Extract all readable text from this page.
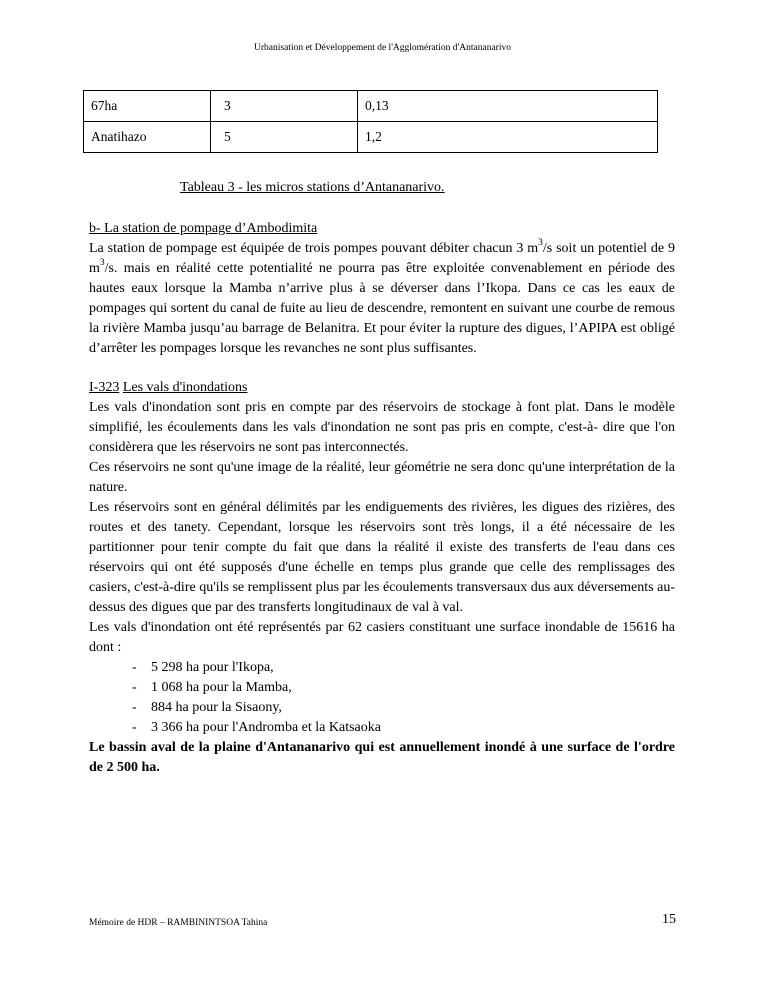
Urbanisation et Développement de l'Agglomération d'Antananarivo
67ha	3	0,13
Anatihazo	5	1,2
Tableau 3 - les micros stations d’Antananarivo.

b- La station de pompage d’Ambodimita

La station de pompage est équipée de trois pompes pouvant débiter chacun 3 $m^3/s$ soit un potentiel de 9 $m^3/s$. mais en réalité cette potentialité ne pourra pas être exploitée convenablement en période des hautes eaux lorsque la Mamba n’arrive plus à se déverser dans l’Ikopa. Dans ce cas les eaux de pompages qui sortent du canal de fuite au lieu de descendre, remontent en suivant une courbe de remous la rivière Mamba jusqu’au barrage de Belanitra. Et pour éviter la rupture des digues, l’APIPA est obligé d’arrêter les pompages lorsque les revanches ne sont plus suffisantes.

I-323 Les vals d'inondations

Les vals d'inondation sont pris en compte par des réservoirs de stockage à font plat. Dans le modèle simplifié, les écoulements dans les vals d'inondation ne sont pas pris en compte, c'est-à- dire que l'on considèrera que les réservoirs ne sont pas interconnectés.

Ces réservoirs ne sont qu'une image de la réalité, leur géométrie ne sera donc qu'une interprétation de la nature.

Les réservoirs sont en général délimités par les endiguements des rivières, les digues des rizières, des routes et des tanety. Cependant, lorsque les réservoirs sont très longs, il a été nécessaire de les partitionner pour tenir compte du fait que dans la réalité il existe des transferts de l'eau dans ces réservoirs qui ont été supposés d'une échelle en temps plus grande que celle des remplissages des casiers, c'est-à-dire qu'ils se remplissent plus par les écoulements transversaux dus aux déversements au-dessus des digues que par des transferts longitudinaux de val à val.

Les vals d'inondation ont été représentés par 62 casiers constituant une surface inondable de 15616 ha dont :

- 5 298 ha pour l'Ikopa,
- 1 068 ha pour la Mamba,
- 884 ha pour la Sisaony,
- 3 366 ha pour l'Andromba et la Katsaoka

Le bassin aval de la plaine d'Antananarivo qui est annuellement inondé à une surface de l'ordre de 2 500 ha.

Mémoire de HDR – RAMBININTSOA Tahina	15
